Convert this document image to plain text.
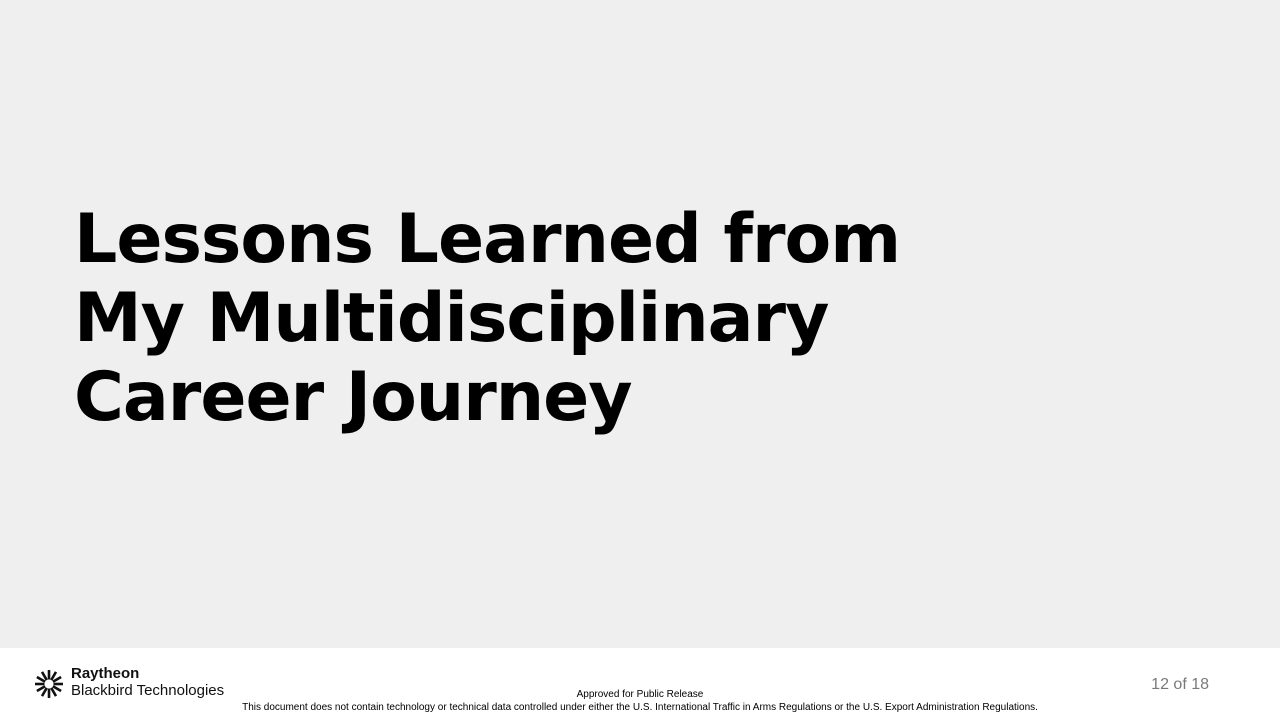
Lessons Learned from
My Multidisciplinary
Career Journey
Raytheon
Blackbird Technologies	Approved for Public Release
This document does not contain technology or technical data controlled under either the U.S. International Traffic in Arms Regulations or the U.S. Export Administration Regulations.
12 of 18
